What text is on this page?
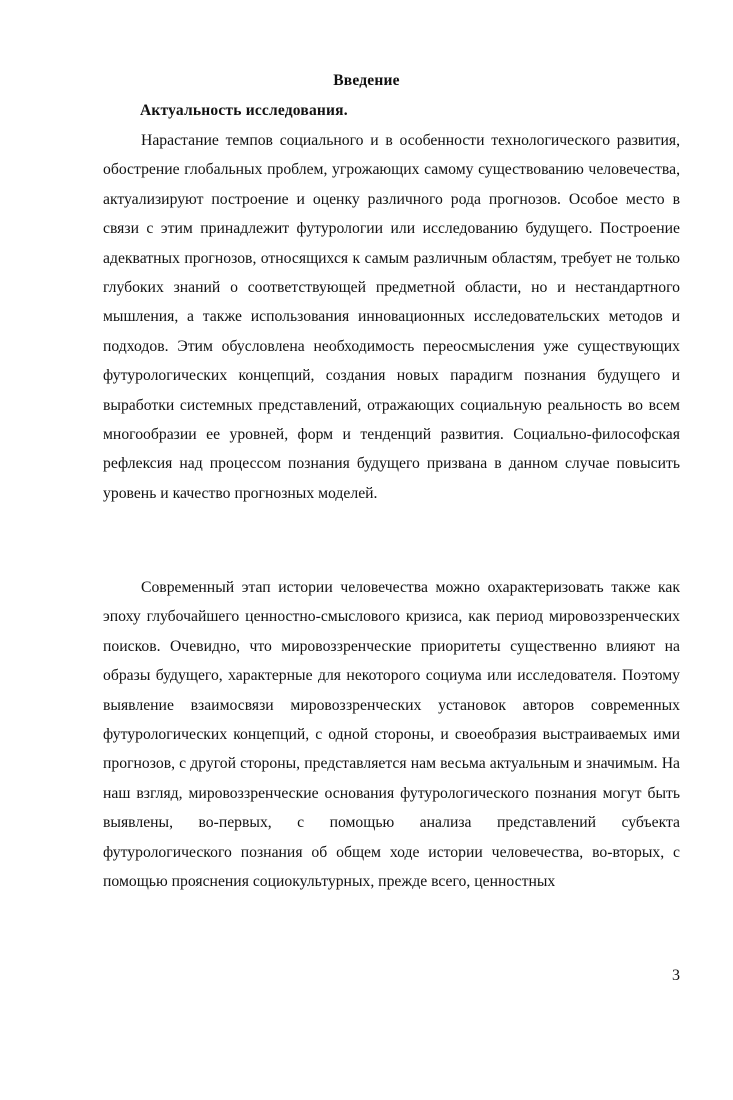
Введение
Актуальность исследования.

Нарастание темпов социального и в особенности технологического развития, обострение глобальных проблем, угрожающих самому существованию человечества, актуализируют построение и оценку различного рода прогнозов. Особое место в связи с этим принадлежит футурологии или исследованию будущего. Построение адекватных прогнозов, относящихся к самым различным областям, требует не только глубоких знаний о соответствующей предметной области, но и нестандартного мышления, а также использования инновационных исследовательских методов и подходов. Этим обусловлена необходимость переосмысления уже существующих футурологических концепций, создания новых парадигм познания будущего и выработки системных представлений, отражающих социальную реальность во всем многообразии ее уровней, форм и тенденций развития. Социально-философская рефлексия над процессом познания будущего призвана в данном случае повысить уровень и качество прогнозных моделей.

Современный этап истории человечества можно охарактеризовать также как эпоху глубочайшего ценностно-смыслового кризиса, как период мировоззренческих поисков. Очевидно, что мировоззренческие приоритеты существенно влияют на образы будущего, характерные для некоторого социума или исследователя. Поэтому выявление взаимосвязи мировоззренческих установок авторов современных футурологических концепций, с одной стороны, и своеобразия выстраиваемых ими прогнозов, с другой стороны, представляется нам весьма актуальным и значимым. На наш взгляд, мировоззренческие основания футурологического познания могут быть выявлены, во-первых, с помощью анализа представлений субъекта футурологического познания об общем ходе истории человечества, во-вторых, с помощью прояснения социокультурных, прежде всего, ценностных

3
